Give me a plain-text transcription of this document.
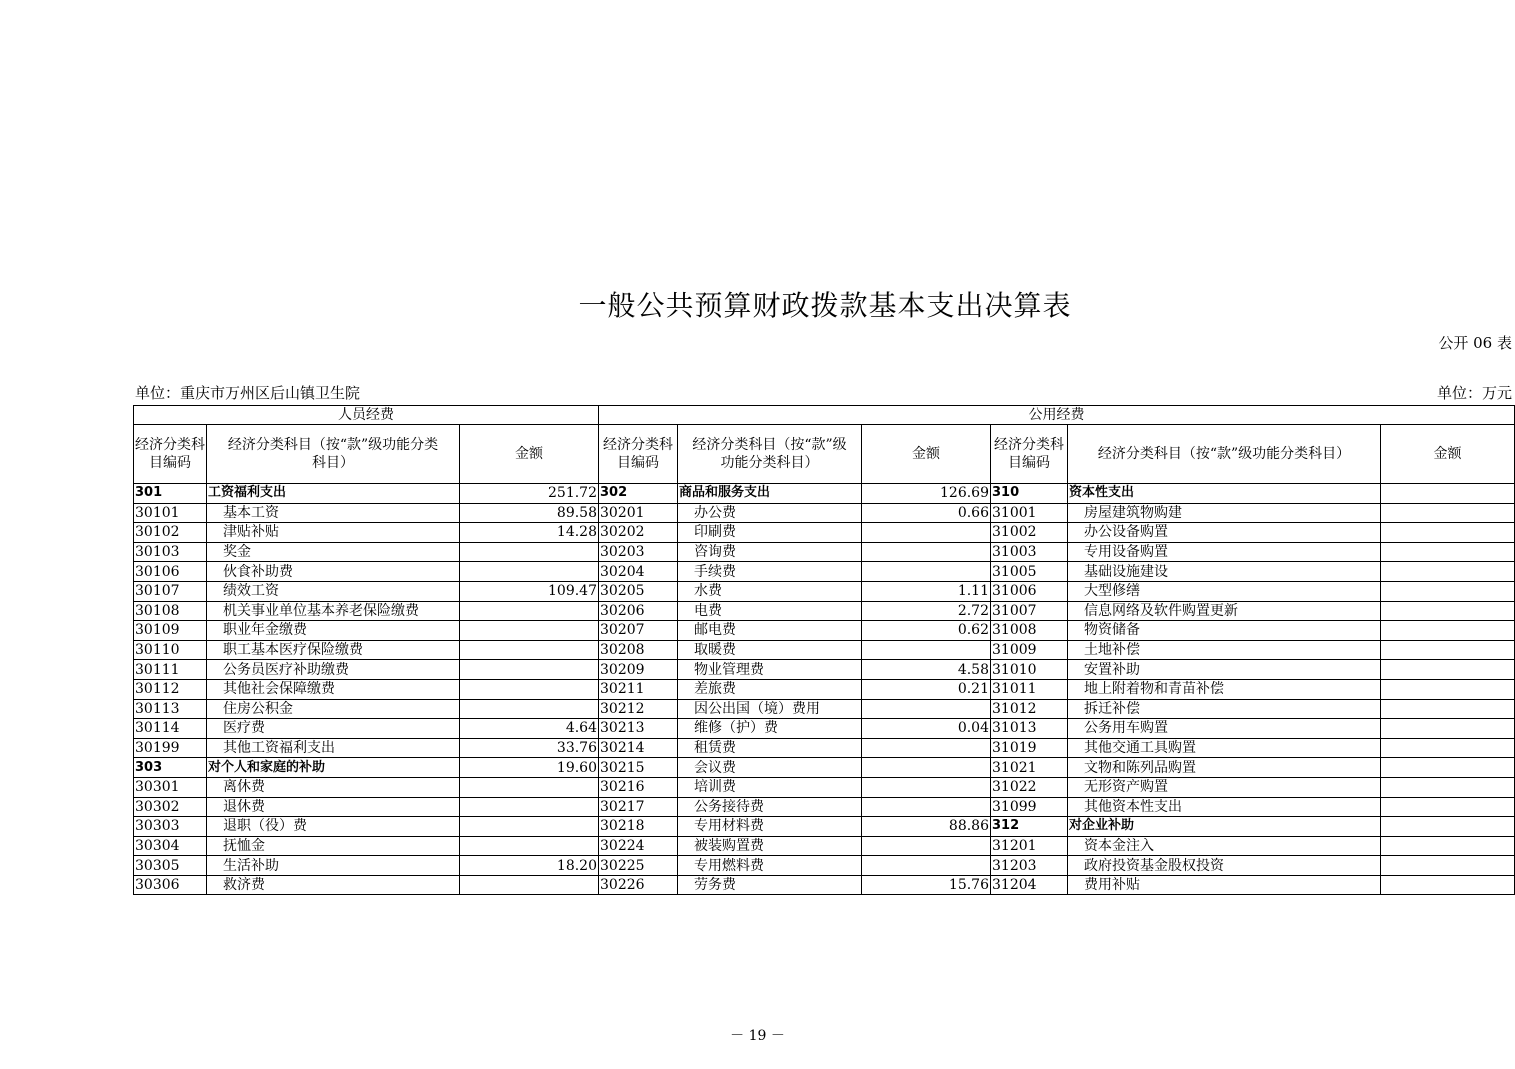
一般公共预算财政拨款基本支出决算表
公开 06 表
单位：重庆市万州区后山镇卫生院	单位：万元
人员经费			公用经费					
经济分类科目编码	经济分类科目（按“款”级功能分类科目）	金额	经济分类科目编码	经济分类科目（按“款”级功能分类科目）	金额	经济分类科目编码	经济分类科目（按“款”级功能分类科目）	金额
301	工资福利支出	251.72	302	商品和服务支出	126.69	310	资本性支出	
30101	基本工资	89.58	30201	办公费	0.66	31001	房屋建筑物购建	
30102	津贴补贴	14.28	30202	印刷费		31002	办公设备购置	
30103	奖金		30203	咨询费		31003	专用设备购置	
30106	伙食补助费		30204	手续费		31005	基础设施建设	
30107	绩效工资	109.47	30205	水费	1.11	31006	大型修缮	
30108	机关事业单位基本养老保险缴费		30206	电费	2.72	31007	信息网络及软件购置更新	
30109	职业年金缴费		30207	邮电费	0.62	31008	物资储备	
30110	职工基本医疗保险缴费		30208	取暖费		31009	土地补偿	
30111	公务员医疗补助缴费		30209	物业管理费	4.58	31010	安置补助	
30112	其他社会保障缴费		30211	差旅费	0.21	31011	地上附着物和青苗补偿	
30113	住房公积金		30212	因公出国（境）费用		31012	拆迁补偿	
30114	医疗费	4.64	30213	维修（护）费	0.04	31013	公务用车购置	
30199	其他工资福利支出	33.76	30214	租赁费		31019	其他交通工具购置	
303	对个人和家庭的补助	19.60	30215	会议费		31021	文物和陈列品购置	
30301	离休费		30216	培训费		31022	无形资产购置	
30302	退休费		30217	公务接待费		31099	其他资本性支出	
30303	退职（役）费		30218	专用材料费	88.86	312	对企业补助	
30304	抚恤金		30224	被装购置费		31201	资本金注入	
30305	生活补助	18.20	30225	专用燃料费		31203	政府投资基金股权投资	
30306	救济费		30226	劳务费	15.76	31204	费用补贴	
－ 19 －
